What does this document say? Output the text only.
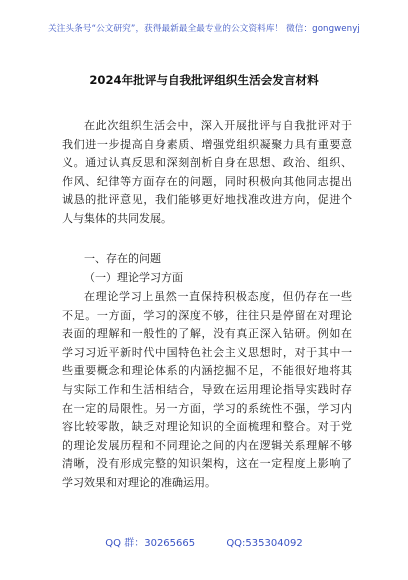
关注头条号“公文研究”，获得最新最全最专业的公文资料库！ 微信：gongwenyj
2024年批评与自我批评组织生活会发言材料
在此次组织生活会中，深入开展批评与自我批评对于
我们进一步提高自身素质、增强党组织凝聚力具有重要意
义。通过认真反思和深刻剖析自身在思想、政治、组织、
作风、纪律等方面存在的问题，同时积极向其他同志提出
诚恳的批评意见，我们能够更好地找准改进方向，促进个
人与集体的共同发展。
一、存在的问题
（一）理论学习方面
在理论学习上虽然一直保持积极态度，但仍存在一些
不足。一方面，学习的深度不够，往往只是停留在对理论
表面的理解和一般性的了解，没有真正深入钻研。例如在
学习习近平新时代中国特色社会主义思想时，对于其中一
些重要概念和理论体系的内涵挖掘不足，不能很好地将其
与实际工作和生活相结合，导致在运用理论指导实践时存
在一定的局限性。另一方面，学习的系统性不强，学习内
容比较零散，缺乏对理论知识的全面梳理和整合。对于党
的理论发展历程和不同理论之间的内在逻辑关系理解不够
清晰，没有形成完整的知识架构，这在一定程度上影响了
学习效果和对理论的准确运用。
QQ 群：30265665	QQ:535304092
